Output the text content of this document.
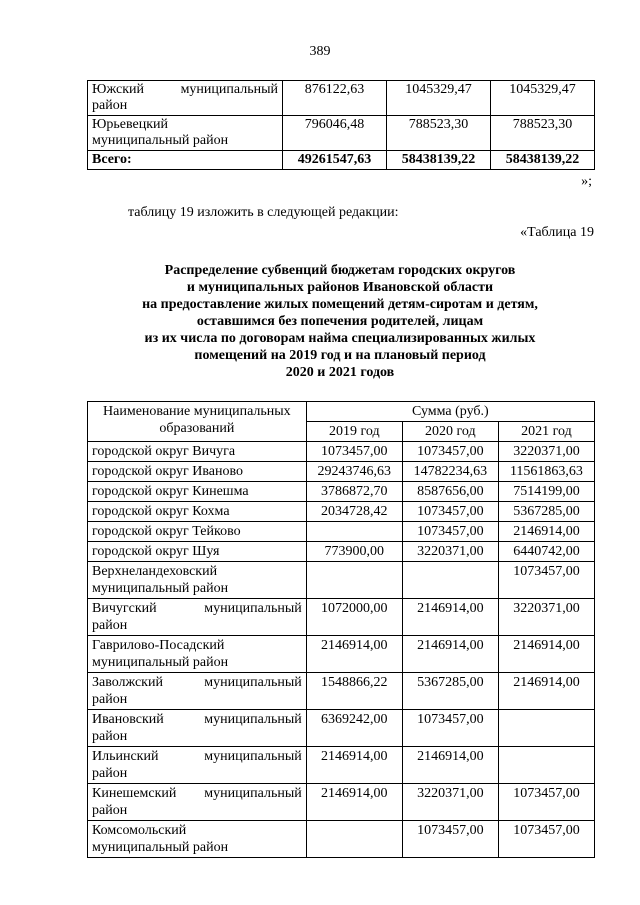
389
Южский муниципальный
район	876122,63	1045329,47	1045329,47

Юрьевецкий
муниципальный район	796046,48	788523,30	788523,30
Всего:	49261547,63	58438139,22	58438139,22
»;
таблицу 19 изложить в следующей редакции:
«Таблица 19
Распределение субвенций бюджетам городских округов
и муниципальных районов Ивановской области
на предоставление жилых помещений детям-сиротам и детям,
оставшимся без попечения родителей, лицам
из их числа по договорам найма специализированных жилых
помещений на 2019 год и на плановый период
2020 и 2021 годов
Наименование муниципальных
образований	Сумма (руб.)		
	2019 год	2020 год	2021 год

городской округ Вичуга	1073457,00	1073457,00	3220371,00

городской округ Иваново	29243746,63	14782234,63	11561863,63

городской округ Кинешма	3786872,70	8587656,00	7514199,00

городской округ Кохма	2034728,42	1073457,00	5367285,00

городской округ Тейково		1073457,00	2146914,00

городской округ Шуя	773900,00	3220371,00	6440742,00

Верхнеландеховский
муниципальный район			1073457,00

Вичугский муниципальный
район	1072000,00	2146914,00	3220371,00

Гаврилово-Посадский
муниципальный район	2146914,00	2146914,00	2146914,00

Заволжский муниципальный
район	1548866,22	5367285,00	2146914,00

Ивановский муниципальный
район	6369242,00	1073457,00	

Ильинский муниципальный
район	2146914,00	2146914,00	

Кинешемский муниципальный
район	2146914,00	3220371,00	1073457,00

Комсомольский
муниципальный район		1073457,00	1073457,00
